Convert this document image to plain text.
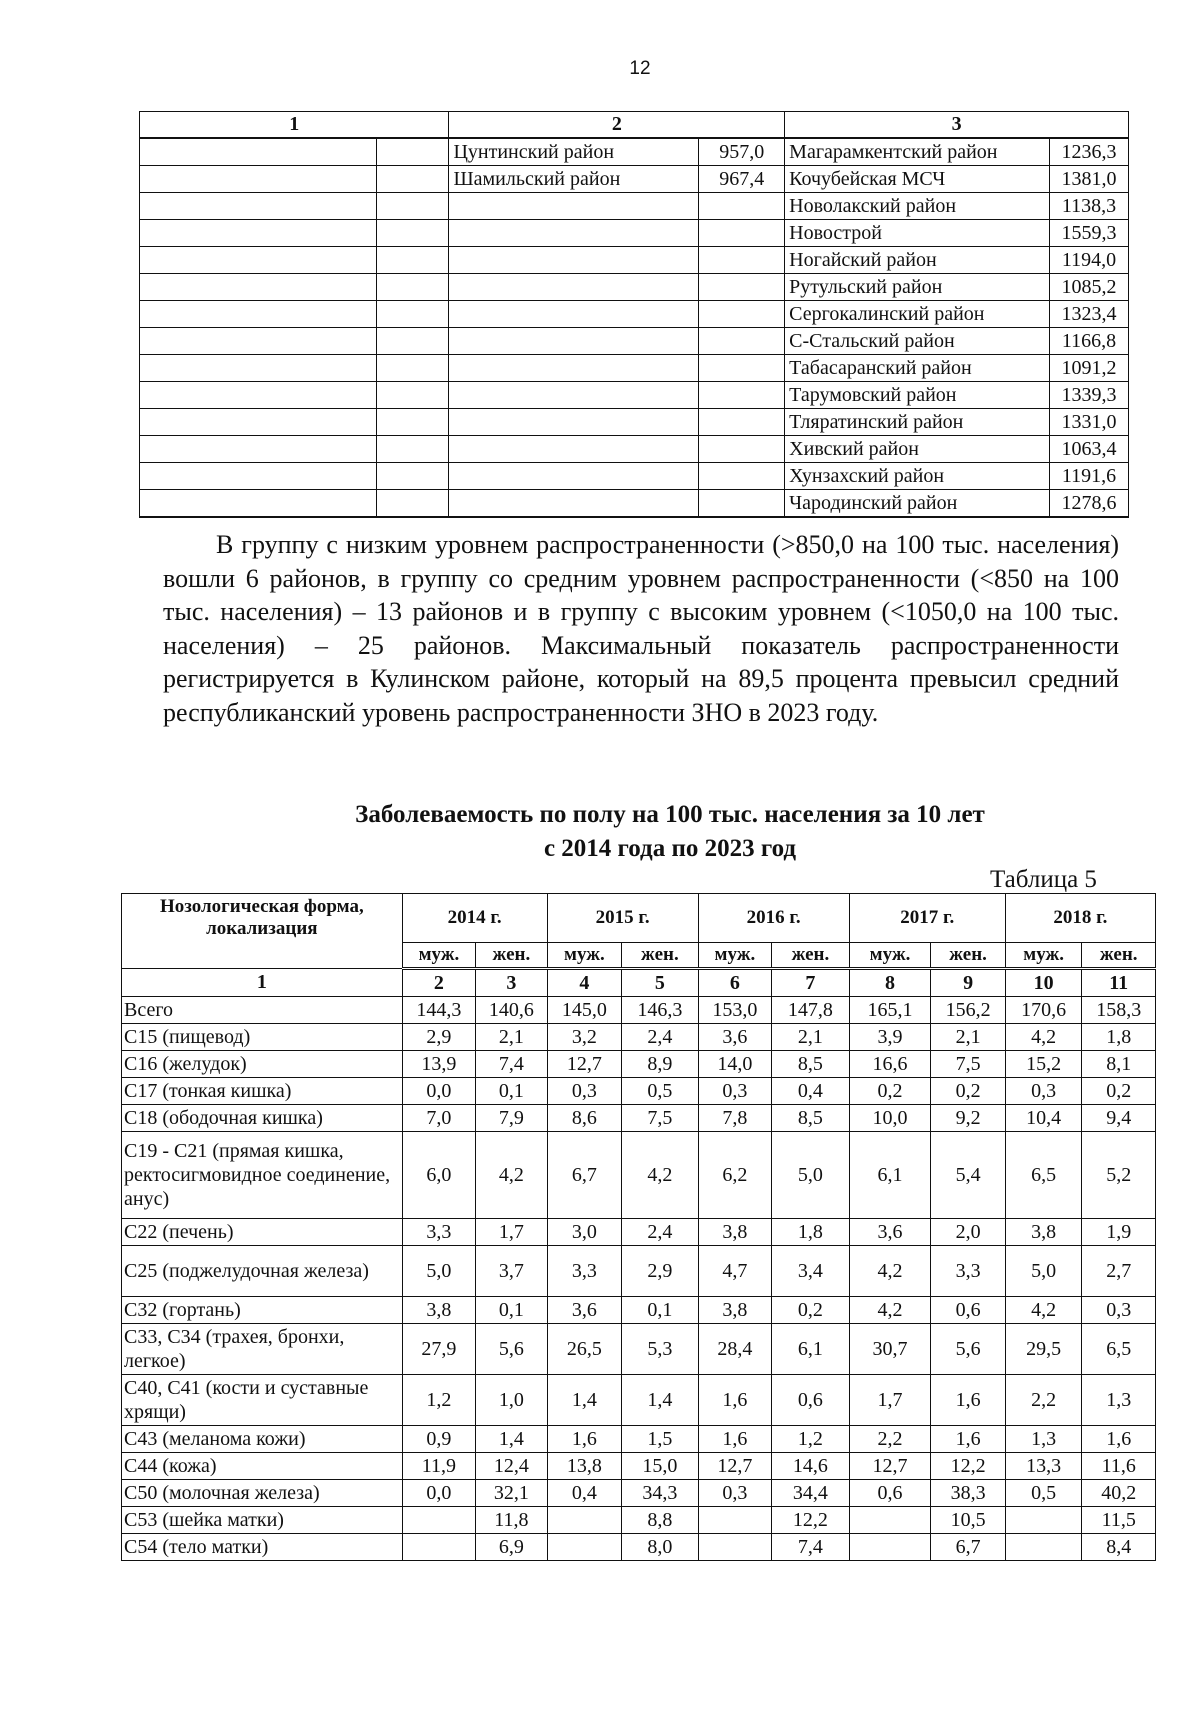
12
1		2		3	
		Цунтинский район	957,0	Магарамкентский район	1236,3
		Шамильский район	967,4	Кочубейская МСЧ	1381,0
				Новолакский район	1138,3
				Новострой	1559,3
				Ногайский район	1194,0
				Рутульский район	1085,2
				Сергокалинский район	1323,4
				С-Стальский район	1166,8
				Табасаранский район	1091,2
				Тарумовский район	1339,3
				Тляратинский район	1331,0
				Хивский район	1063,4
				Хунзахский район	1191,6
				Чародинский район	1278,6

В группу с низким уровнем распространенности (>850,0 на 100 тыс. населения) вошли 6 районов, в группу со средним уровнем распространенности (<850 на 100 тыс. населения) – 13 районов и в группу с высоким уровнем (<1050,0 на 100 тыс. населения) – 25 районов. Максимальный показатель распространенности регистрируется в Кулинском районе, который на 89,5 процента превысил средний республиканский уровень распространенности ЗНО в 2023 году.

Заболеваемость по полу на 100 тыс. населения за 10 лет
с 2014 года по 2023 год
Таблица 5
Нозологическая форма, локализация	2014 г.		2015 г.		2016 г.		2017 г.		2018 г.	
	муж.	жен.	муж.	жен.	муж.	жен.	муж.	жен.	муж.	жен.
1	2	3	4	5	6	7	8	9	10	11
Всего	144,3	140,6	145,0	146,3	153,0	147,8	165,1	156,2	170,6	158,3
С15 (пищевод)	2,9	2,1	3,2	2,4	3,6	2,1	3,9	2,1	4,2	1,8
С16 (желудок)	13,9	7,4	12,7	8,9	14,0	8,5	16,6	7,5	15,2	8,1
С17 (тонкая кишка)	0,0	0,1	0,3	0,5	0,3	0,4	0,2	0,2	0,3	0,2
С18 (ободочная кишка)	7,0	7,9	8,6	7,5	7,8	8,5	10,0	9,2	10,4	9,4
С19 - С21 (прямая кишка, ректосигмовидное соединение, анус)	6,0	4,2	6,7	4,2	6,2	5,0	6,1	5,4	6,5	5,2
С22 (печень)	3,3	1,7	3,0	2,4	3,8	1,8	3,6	2,0	3,8	1,9
С25 (поджелудочная железа)	5,0	3,7	3,3	2,9	4,7	3,4	4,2	3,3	5,0	2,7
С32 (гортань)	3,8	0,1	3,6	0,1	3,8	0,2	4,2	0,6	4,2	0,3
С33, С34 (трахея, бронхи, легкое)	27,9	5,6	26,5	5,3	28,4	6,1	30,7	5,6	29,5	6,5
С40, С41 (кости и суставные хрящи)	1,2	1,0	1,4	1,4	1,6	0,6	1,7	1,6	2,2	1,3
С43 (меланома кожи)	0,9	1,4	1,6	1,5	1,6	1,2	2,2	1,6	1,3	1,6
С44 (кожа)	11,9	12,4	13,8	15,0	12,7	14,6	12,7	12,2	13,3	11,6
С50 (молочная железа)	0,0	32,1	0,4	34,3	0,3	34,4	0,6	38,3	0,5	40,2
С53 (шейка матки)		11,8		8,8		12,2		10,5		11,5
С54 (тело матки)		6,9		8,0		7,4		6,7		8,4
